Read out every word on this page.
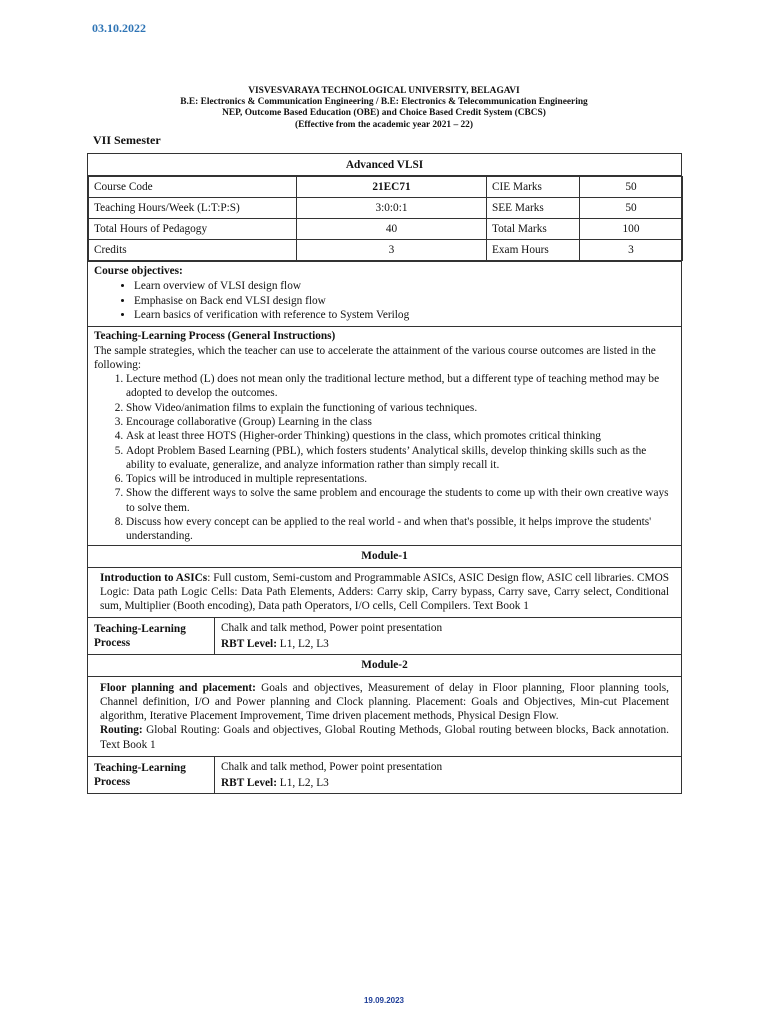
03.10.2022
VISVESVARAYA TECHNOLOGICAL UNIVERSITY, BELAGAVI
B.E: Electronics & Communication Engineering / B.E: Electronics & Telecommunication Engineering
NEP, Outcome Based Education (OBE) and Choice Based Credit System (CBCS)
(Effective from the academic year 2021 – 22)
VII Semester
Advanced VLSI

Course Code	21EC71	CIE Marks	50
Teaching Hours/Week (L:T:P:S)	3:0:0:1	SEE Marks	50
Total Hours of Pedagogy	40	Total Marks	100
Credits	3	Exam Hours	3

Course objectives:
• Learn overview of VLSI design flow
• Emphasise on Back end VLSI design flow
• Learn basics of verification with reference to System Verilog

Teaching-Learning Process (General Instructions)

The sample strategies, which the teacher can use to accelerate the attainment of the various course outcomes are listed in the following:

1. Lecture method (L) does not mean only the traditional lecture method, but a different type of teaching method may be adopted to develop the outcomes.
2. Show Video/animation films to explain the functioning of various techniques.
3. Encourage collaborative (Group) Learning in the class
4. Ask at least three HOTS (Higher-order Thinking) questions in the class, which promotes critical thinking
5. Adopt Problem Based Learning (PBL), which fosters students’ Analytical skills, develop thinking skills such as the ability to evaluate, generalize, and analyze information rather than simply recall it.
6. Topics will be introduced in multiple representations.
7. Show the different ways to solve the same problem and encourage the students to come up with their own creative ways to solve them.
8. Discuss how every concept can be applied to the real world - and when that's possible, it helps improve the students' understanding.

Module-1

Introduction to ASICs: Full custom, Semi-custom and Programmable ASICs, ASIC Design flow, ASIC cell libraries. CMOS Logic: Data path Logic Cells: Data Path Elements, Adders: Carry skip, Carry bypass, Carry save, Carry select, Conditional sum, Multiplier (Booth encoding), Data path Operators, I/O cells, Cell Compilers. Text Book 1

Teaching-Learning Process

Chalk and talk method, Power point presentation
RBT Level: L1, L2, L3

Module-2

Floor planning and placement: Goals and objectives, Measurement of delay in Floor planning, Floor planning tools, Channel definition, I/O and Power planning and Clock planning. Placement: Goals and Objectives, Min-cut Placement algorithm, Iterative Placement Improvement, Time driven placement methods, Physical Design Flow.
Routing: Global Routing: Goals and objectives, Global Routing Methods, Global routing between blocks, Back annotation. Text Book 1

Teaching-Learning Process

Chalk and talk method, Power point presentation
RBT Level: L1, L2, L3
19.09.2023
